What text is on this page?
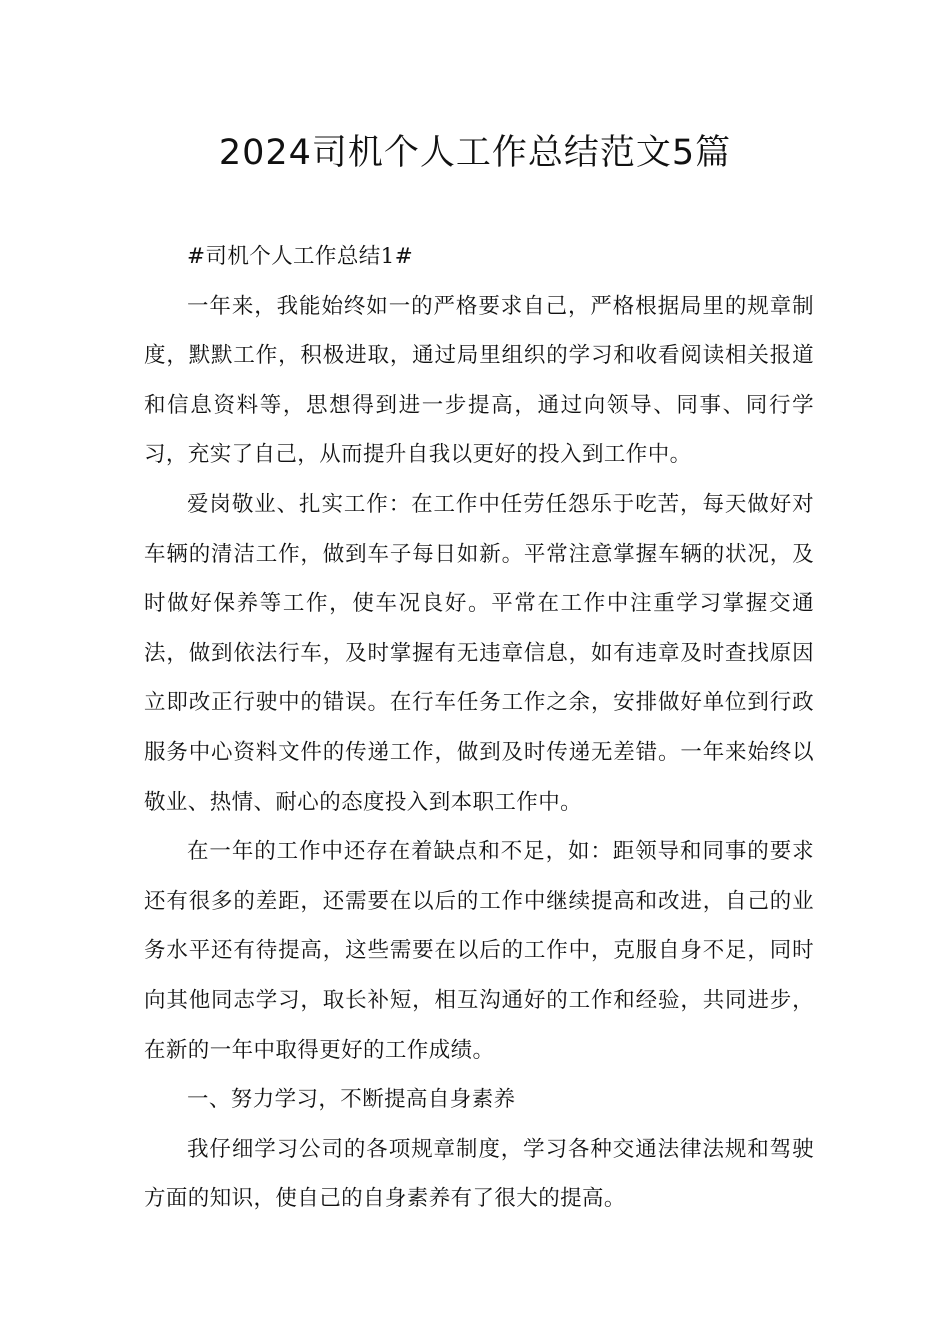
2024司机个人工作总结范文5篇

#司机个人工作总结1#

一年来，我能始终如一的严格要求自己，严格根据局里的规章制度，默默工作，积极进取，通过局里组织的学习和收看阅读相关报道和信息资料等，思想得到进一步提高，通过向领导、同事、同行学习，充实了自己，从而提升自我以更好的投入到工作中。

爱岗敬业、扎实工作：在工作中任劳任怨乐于吃苦，每天做好对车辆的清洁工作，做到车子每日如新。平常注意掌握车辆的状况，及时做好保养等工作，使车况良好。平常在工作中注重学习掌握交通法，做到依法行车，及时掌握有无违章信息，如有违章及时查找原因立即改正行驶中的错误。在行车任务工作之余，安排做好单位到行政服务中心资料文件的传递工作，做到及时传递无差错。一年来始终以敬业、热情、耐心的态度投入到本职工作中。

在一年的工作中还存在着缺点和不足，如：距领导和同事的要求还有很多的差距，还需要在以后的工作中继续提高和改进，自己的业务水平还有待提高，这些需要在以后的工作中，克服自身不足，同时向其他同志学习，取长补短，相互沟通好的工作和经验，共同进步，在新的一年中取得更好的工作成绩。

一、努力学习，不断提高自身素养

我仔细学习公司的各项规章制度，学习各种交通法律法规和驾驶方面的知识，使自己的自身素养有了很大的提高。
